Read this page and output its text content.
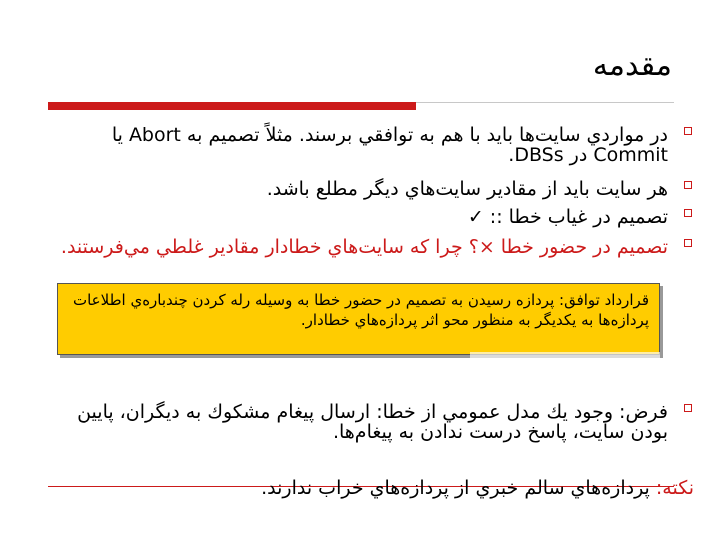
مقدمه
در مواردي سايت‌ها بايد با هم به توافقي برسند. مثلاً تصميم به Abort يا Commit در DBSs.
هر سايت بايد از مقادير سايت‌هاي ديگر مطلع باشد.
تصميم در غياب خطا :: ✓
تصميم در حضور خطا ×؟ چرا كه سايت‌هاي خطادار مقادير غلطي مي‌فرستند.
قرارداد توافق: پردازه رسيدن به تصميم در حضور خطا به وسيله رله كردن چندباره‌ي اطلاعات پردازه‌ها به يكديگر به منظور محو اثر پردازه‌هاي خطادار.
فرض: وجود يك مدل عمومي از خطا: ارسال پيغام مشكوك به ديگران، پايين بودن سايت، پاسخ درست ندادن به پيغام‌ها.
نكته: پردازه‌هاي سالم خبري از پردازه‌هاي خراب ندارند.
